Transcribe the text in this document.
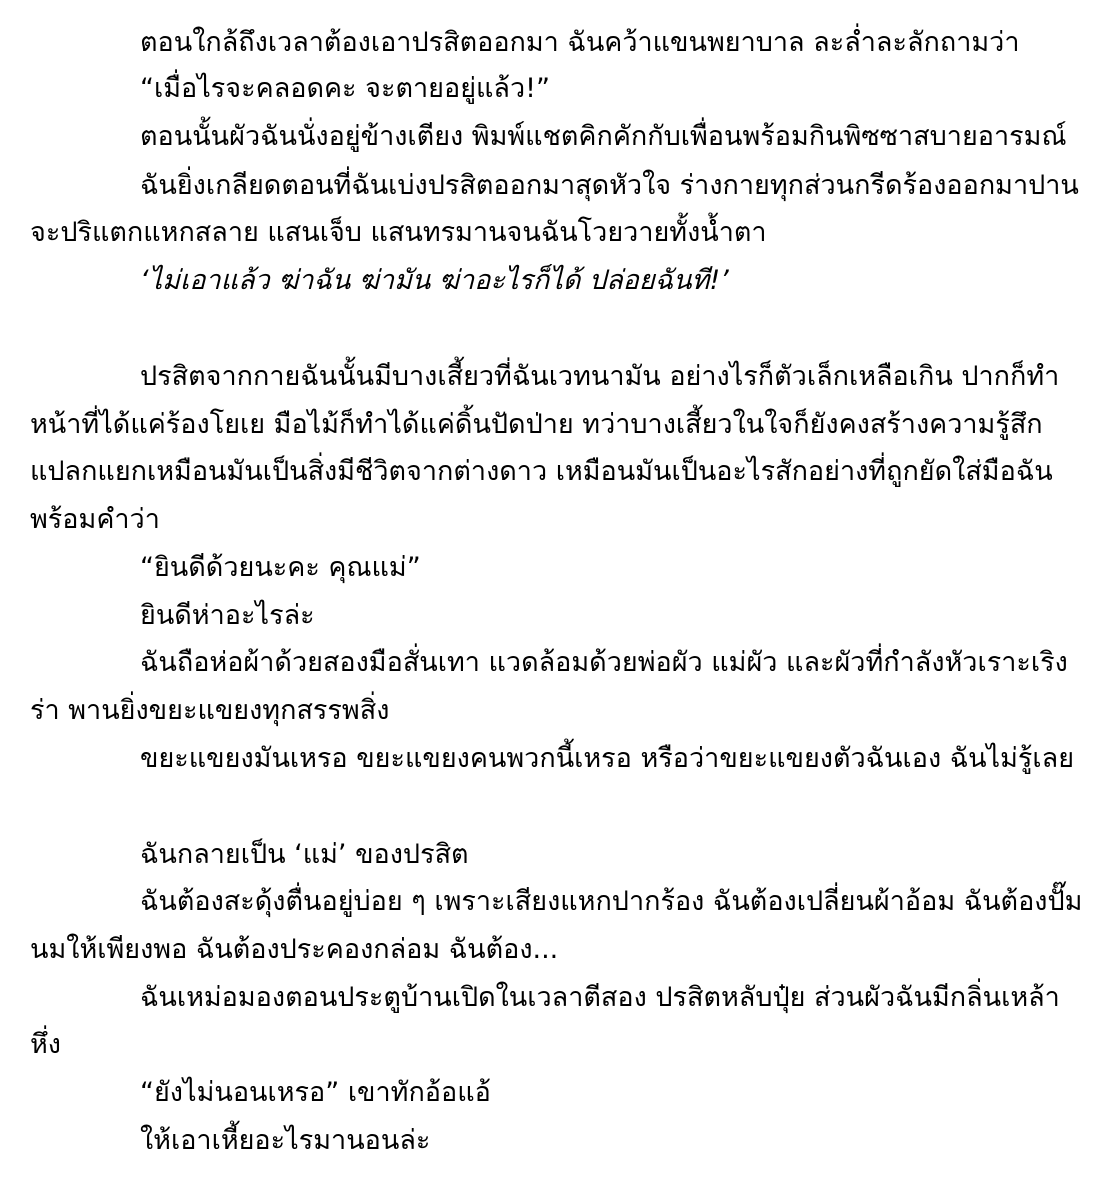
ตอนใกล้ถึงเวลาต้องเอาปรสิตออกมา ฉันคว้าแขนพยาบาล ละล่ำละลักถามว่า
“เมื่อไรจะคลอดคะ จะตายอยู่แล้ว!”
ตอนนั้นผัวฉันนั่งอยู่ข้างเตียง พิมพ์แชตคิกคักกับเพื่อนพร้อมกินพิซซาสบายอารมณ์
ฉันยิ่งเกลียดตอนที่ฉันเบ่งปรสิตออกมาสุดหัวใจ ร่างกายทุกส่วนกรีดร้องออกมาปาน
จะปริแตกแหกสลาย แสนเจ็บ แสนทรมานจนฉันโวยวายทั้งน้ำตา
‘ไม่เอาแล้ว ฆ่าฉัน ฆ่ามัน ฆ่าอะไรก็ได้ ปล่อยฉันที!’
ปรสิตจากกายฉันนั้นมีบางเสี้ยวที่ฉันเวทนามัน อย่างไรก็ตัวเล็กเหลือเกิน ปากก็ทำ
หน้าที่ได้แค่ร้องโยเย มือไม้ก็ทำได้แค่ดิ้นปัดป่าย ทว่าบางเสี้ยวในใจก็ยังคงสร้างความรู้สึก
แปลกแยกเหมือนมันเป็นสิ่งมีชีวิตจากต่างดาว เหมือนมันเป็นอะไรสักอย่างที่ถูกยัดใส่มือฉัน
พร้อมคำว่า
“ยินดีด้วยนะคะ คุณแม่”
ยินดีห่าอะไรล่ะ
ฉันถือห่อผ้าด้วยสองมือสั่นเทา แวดล้อมด้วยพ่อผัว แม่ผัว และผัวที่กำลังหัวเราะเริง
ร่า พานยิ่งขยะแขยงทุกสรรพสิ่ง
ขยะแขยงมันเหรอ ขยะแขยงคนพวกนี้เหรอ หรือว่าขยะแขยงตัวฉันเอง ฉันไม่รู้เลย
ฉันกลายเป็น ‘แม่’ ของปรสิต
ฉันต้องสะดุ้งตื่นอยู่บ่อย ๆ เพราะเสียงแหกปากร้อง ฉันต้องเปลี่ยนผ้าอ้อม ฉันต้องปั๊ม
นมให้เพียงพอ ฉันต้องประคองกล่อม ฉันต้อง...
ฉันเหม่อมองตอนประตูบ้านเปิดในเวลาตีสอง ปรสิตหลับปุ๋ย ส่วนผัวฉันมีกลิ่นเหล้า
หึ่ง
“ยังไม่นอนเหรอ” เขาทักอ้อแอ้
ให้เอาเหี้ยอะไรมานอนล่ะ
